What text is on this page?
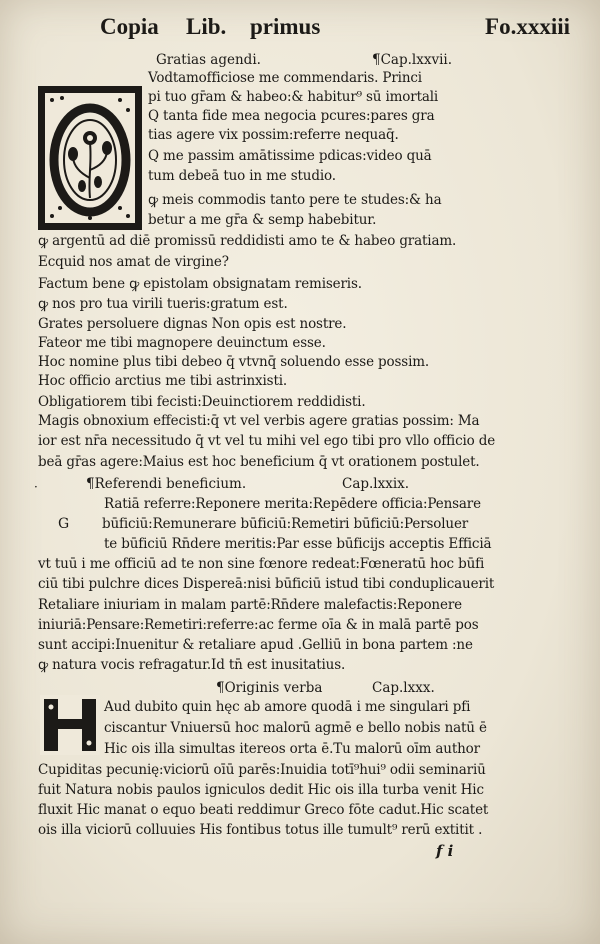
Copia Lib. primus	Fo.xxxiii
Gratias agendi.	¶Cap.lxxvii.
Vodtamofficiose me commendaris. Princi
pi tuo gr̄am & habeo:& habitur⁹ sū imortali
Q tanta fide mea negocia pcures:pares gra
tias agere vix possim:referre nequaq̄.
Q me passim amātissime pdicas:video quā
tum debeā tuo in me studio.
ꝙ meis commodis tanto pere te studes:& ha
betur a me gr̄a & semp habebitur.
ꝙ argentū ad diē promissū reddidisti amo te & habeo gratiam.
Ecquid nos amat de virgine?
Factum bene ꝙ epistolam obsignatam remiseris.
ꝙ nos pro tua virili tueris:gratum est.
Grates persoluere dignas Non opis est nostre.
Fateor me tibi magnopere deuinctum esse.
Hoc nomine plus tibi debeo q̄ vtvnq̄ soluendo esse possim.
Hoc officio arctius me tibi astrinxisti.
Obligatiorem tibi fecisti:Deuinctiorem reddidisti.
Magis obnoxium effecisti:q̄ vt vel verbis agere gratias possim: Ma
ior est nr̄a necessitudo q̄ vt vel tu mihi vel ego tibi pro vllo officio de
beā gr̄as agere:Maius est hoc beneficium q̄ vt orationem postulet.
·	¶Referendi beneficium.	Cap.lxxix.
G
Ratiā referre:Reponere merita:Repēdere officia:Pensare
būficiū:Remunerare būficiū:Remetiri būficiū:Persoluer
te būficiū Rn̄dere meritis:Par esse būficijs acceptis Efficiā
vt tuū i me officiū ad te non sine fœnore redeat:Fœneratū hoc būfi
ciū tibi pulchre dices Dispereā:nisi būficiū istud tibi conduplicauerit
Retaliare iniuriam in malam partē:Rn̄dere malefactis:Reponere
iniuriā:Pensare:Remetiri:referre:ac ferme oīa & in malā partē pos
sunt accipi:Inuenitur & retaliare apud .Gelliū in bona partem :ne
ꝙ natura vocis refragatur.Id tn̄ est inusitatius.
¶Originis verba	Cap.lxxx.
Aud dubito quin hęc ab amore quodā i me singulari pfi
ciscantur Vniuersū hoc malorū agmē e bello nobis natū ē
Hic ois illa simultas itereos orta ē.Tu malorū oīm author
Cupiditas pecunię:viciorū oīū parēs:Inuidia totī⁹hui⁹ odii seminariū
fuit Natura nobis paulos igniculos dedit Hic ois illa turba venit Hic
fluxit Hic manat o equo beati reddimur Greco fōte cadut.Hic scatet
ois illa viciorū colluuies His fontibus totus ille tumult⁹ rerū extitit .
f i
